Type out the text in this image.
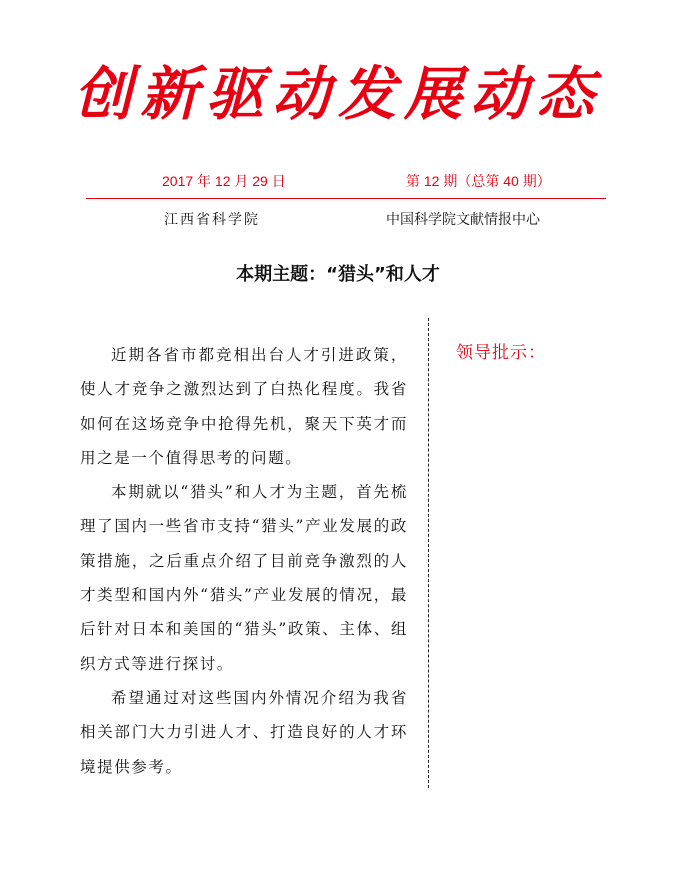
创新驱动发展动态
2017 年 12 月 29 日	第 12 期（总第 40 期）
江西省科学院	中国科学院文献情报中心
本期主题：“猎头”和人才

近期各省市都竞相出台人才引进政策，使人才竞争之激烈达到了白热化程度。我省如何在这场竞争中抢得先机，聚天下英才而用之是一个值得思考的问题。

本期就以“猎头”和人才为主题，首先梳理了国内一些省市支持“猎头”产业发展的政策措施，之后重点介绍了目前竞争激烈的人才类型和国内外“猎头”产业发展的情况，最后针对日本和美国的“猎头”政策、主体、组织方式等进行探讨。

希望通过对这些国内外情况介绍为我省相关部门大力引进人才、打造良好的人才环境提供参考。

领导批示：
